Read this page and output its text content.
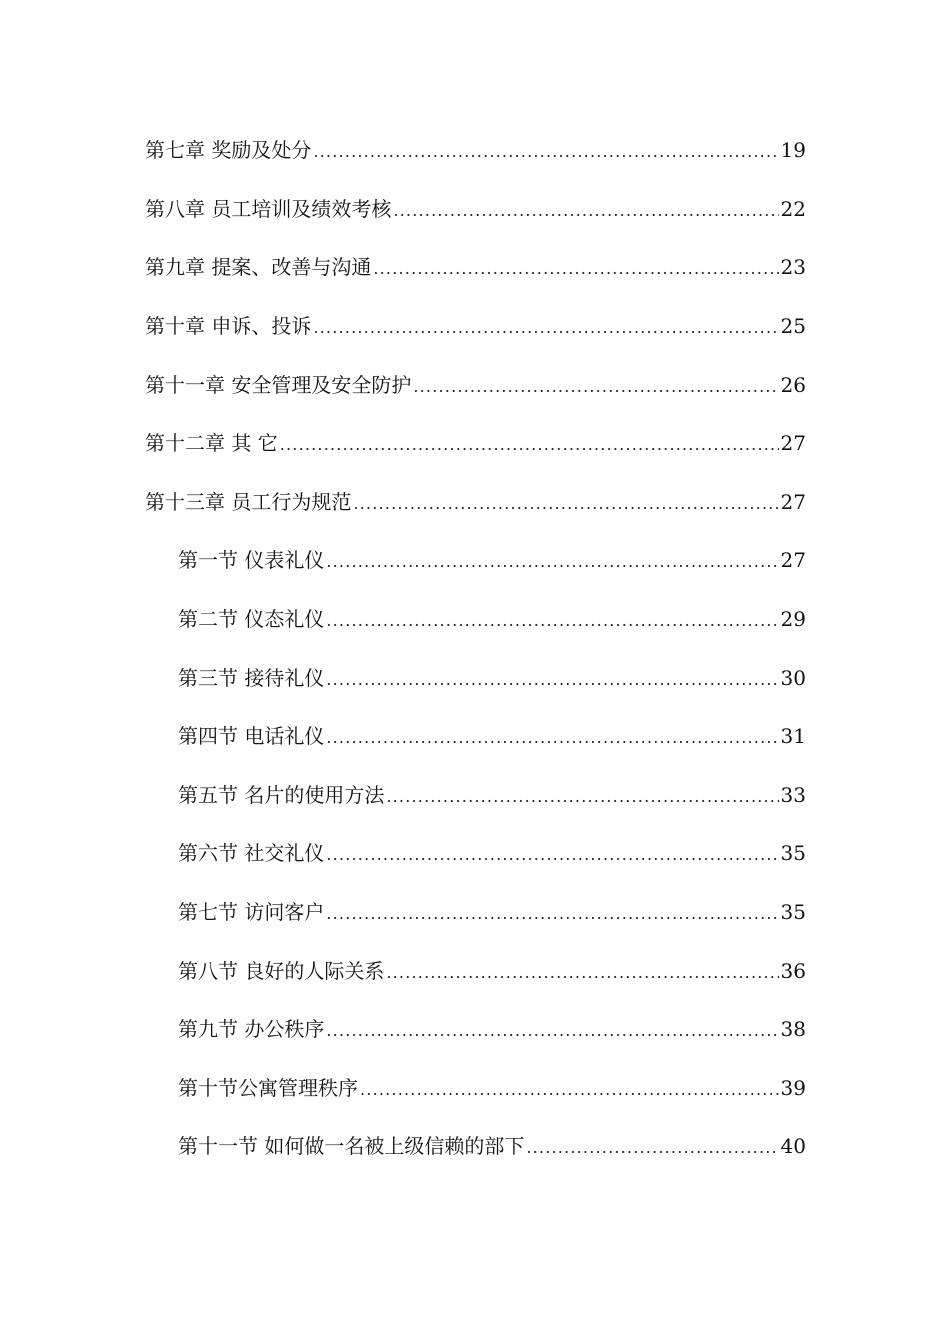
第七章 奖励及处分 .....	19
第八章 员工培训及绩效考核 .....	22
第九章 提案、改善与沟通 .....	23
第十章 申诉、投诉 .....	25
第十一章 安全管理及安全防护 .....	26
第十二章 其 它 .....	27
第十三章 员工行为规范 .....	27
第一节 仪表礼仪 .....	27
第二节 仪态礼仪 .....	29
第三节 接待礼仪 .....	30
第四节 电话礼仪 .....	31
第五节 名片的使用方法 .....	33
第六节 社交礼仪 .....	35
第七节 访问客户 .....	35
第八节 良好的人际关系 .....	36
第九节 办公秩序 .....	38
第十节公寓管理秩序 .....	39
第十一节 如何做一名被上级信赖的部下 .....	40
